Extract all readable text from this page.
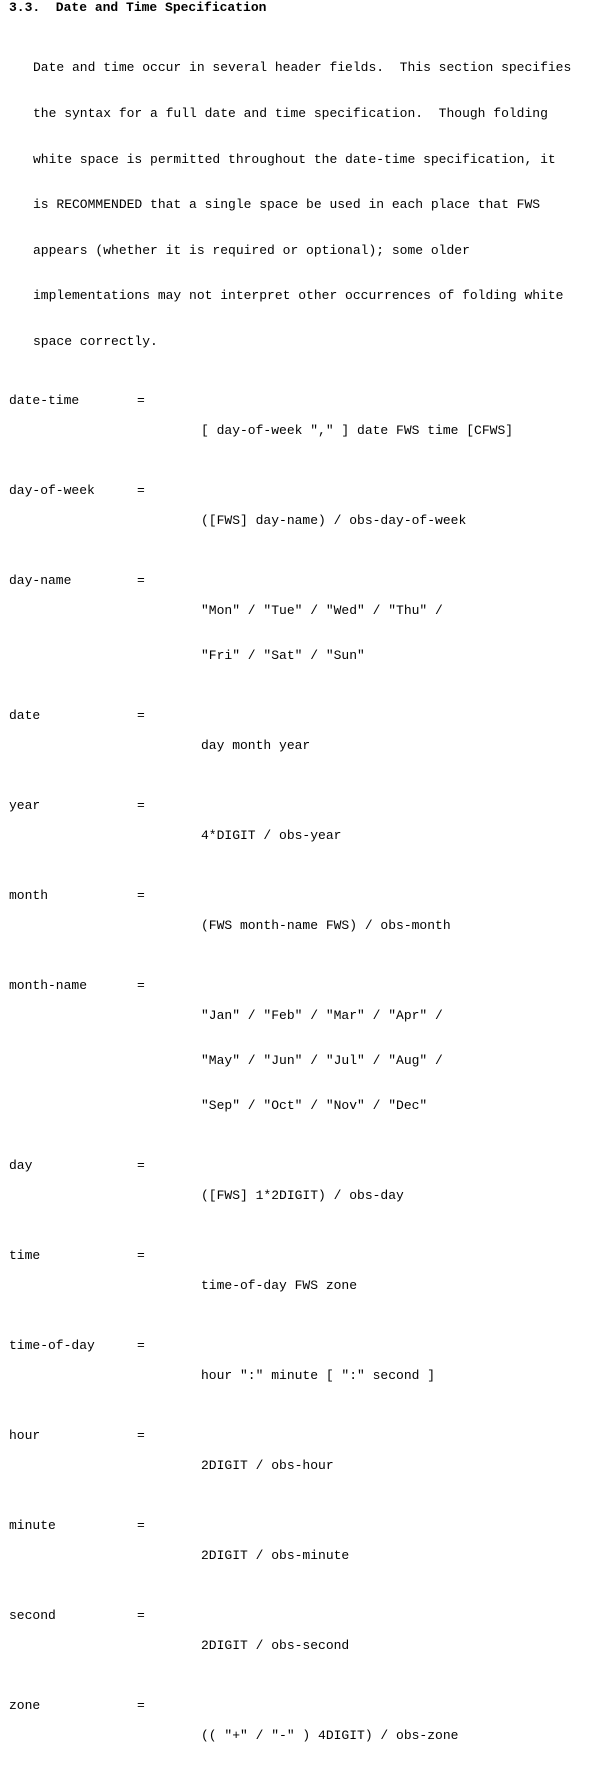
3.3.  Date and Time Specification

Date and time occur in several header fields.  This section specifies

the syntax for a full date and time specification.  Though folding

white space is permitted throughout the date-time specification, it

is RECOMMENDED that a single space be used in each place that FWS

appears (whether it is required or optional); some older

implementations may not interpret other occurrences of folding white

space correctly.

date-time	=

[ day-of-week "," ] date FWS time [CFWS]

day-of-week	=

([FWS] day-name) / obs-day-of-week

day-name	=

"Mon" / "Tue" / "Wed" / "Thu" /

"Fri" / "Sat" / "Sun"

date	=

day month year

year	=

4*DIGIT / obs-year

month	=

(FWS month-name FWS) / obs-month

month-name	=

"Jan" / "Feb" / "Mar" / "Apr" /

"May" / "Jun" / "Jul" / "Aug" /

"Sep" / "Oct" / "Nov" / "Dec"

day	=

([FWS] 1*2DIGIT) / obs-day

time	=

time-of-day FWS zone

time-of-day	=

hour ":" minute [ ":" second ]

hour	=

2DIGIT / obs-hour

minute	=

2DIGIT / obs-minute

second	=

2DIGIT / obs-second

zone	=

(( "+" / "-" ) 4DIGIT) / obs-zone
